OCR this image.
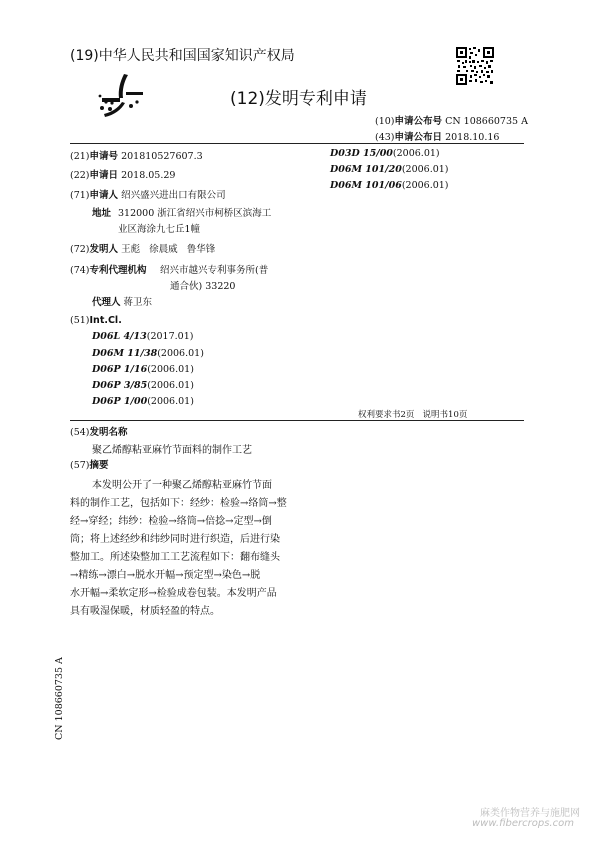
(19)中华人民共和国国家知识产权局
(12)发明专利申请
(10)申请公布号 CN 108660735 A
(43)申请公布日 2018.10.16
(21)申请号 201810527607.3
(22)申请日 2018.05.29
(71)申请人 绍兴盛兴进出口有限公司
地址 312000 浙江省绍兴市柯桥区滨海工
业区海涂九七丘1幢
(72)发明人 王彪 徐晨威 鲁华锋
(74)专利代理机构 绍兴市越兴专利事务所(普
通合伙) 33220
代理人 蒋卫东
(51)Int.Cl.
D06L 4/13(2017.01)
D06M 11/38(2006.01)
D06P 1/16(2006.01)
D06P 3/85(2006.01)
D06P 1/00(2006.01)
D03D 15/00(2006.01)
D06M 101/20(2006.01)
D06M 101/06(2006.01)
权利要求书2页 说明书10页
(54)发明名称
聚乙烯醇粘亚麻竹节面料的制作工艺
(57)摘要
本发明公开了一种聚乙烯醇粘亚麻竹节面
料的制作工艺，包括如下：经纱：检验→络筒→整
经→穿经；纬纱：检验→络筒→倍捻→定型→倒
筒；将上述经纱和纬纱同时进行织造，后进行染
整加工。所述染整加工工艺流程如下：翻布缝头
→精练→漂白→脱水开幅→预定型→染色→脱
水开幅→柔软定形→检验成卷包装。本发明产品
具有吸湿保暖，材质轻盈的特点。
CN 108660735 A
麻类作物营养与施肥网
www.fibercrops.com
